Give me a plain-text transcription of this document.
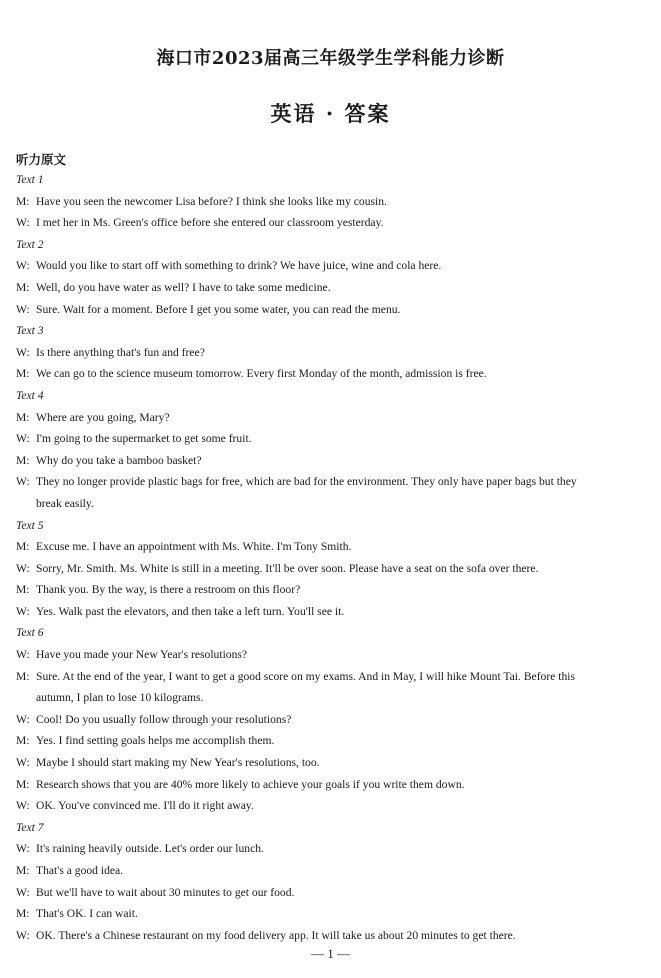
海口市2023届高三年级学生学科能力诊断
英语 · 答案
听力原文
Text 1
M: Have you seen the newcomer Lisa before? I think she looks like my cousin.
W: I met her in Ms. Green's office before she entered our classroom yesterday.
Text 2
W: Would you like to start off with something to drink? We have juice, wine and cola here.
M: Well, do you have water as well? I have to take some medicine.
W: Sure. Wait for a moment. Before I get you some water, you can read the menu.
Text 3
W: Is there anything that's fun and free?
M: We can go to the science museum tomorrow. Every first Monday of the month, admission is free.
Text 4
M: Where are you going, Mary?
W: I'm going to the supermarket to get some fruit.
M: Why do you take a bamboo basket?
W: They no longer provide plastic bags for free, which are bad for the environment. They only have paper bags but they
break easily.
Text 5
M: Excuse me. I have an appointment with Ms. White. I'm Tony Smith.
W: Sorry, Mr. Smith. Ms. White is still in a meeting. It'll be over soon. Please have a seat on the sofa over there.
M: Thank you. By the way, is there a restroom on this floor?
W: Yes. Walk past the elevators, and then take a left turn. You'll see it.
Text 6
W: Have you made your New Year's resolutions?
M: Sure. At the end of the year, I want to get a good score on my exams. And in May, I will hike Mount Tai. Before this
autumn, I plan to lose 10 kilograms.
W: Cool! Do you usually follow through your resolutions?
M: Yes. I find setting goals helps me accomplish them.
W: Maybe I should start making my New Year's resolutions, too.
M: Research shows that you are 40% more likely to achieve your goals if you write them down.
W: OK. You've convinced me. I'll do it right away.
Text 7
W: It's raining heavily outside. Let's order our lunch.
M: That's a good idea.
W: But we'll have to wait about 30 minutes to get our food.
M: That's OK. I can wait.
W: OK. There's a Chinese restaurant on my food delivery app. It will take us about 20 minutes to get there.
— 1 —
